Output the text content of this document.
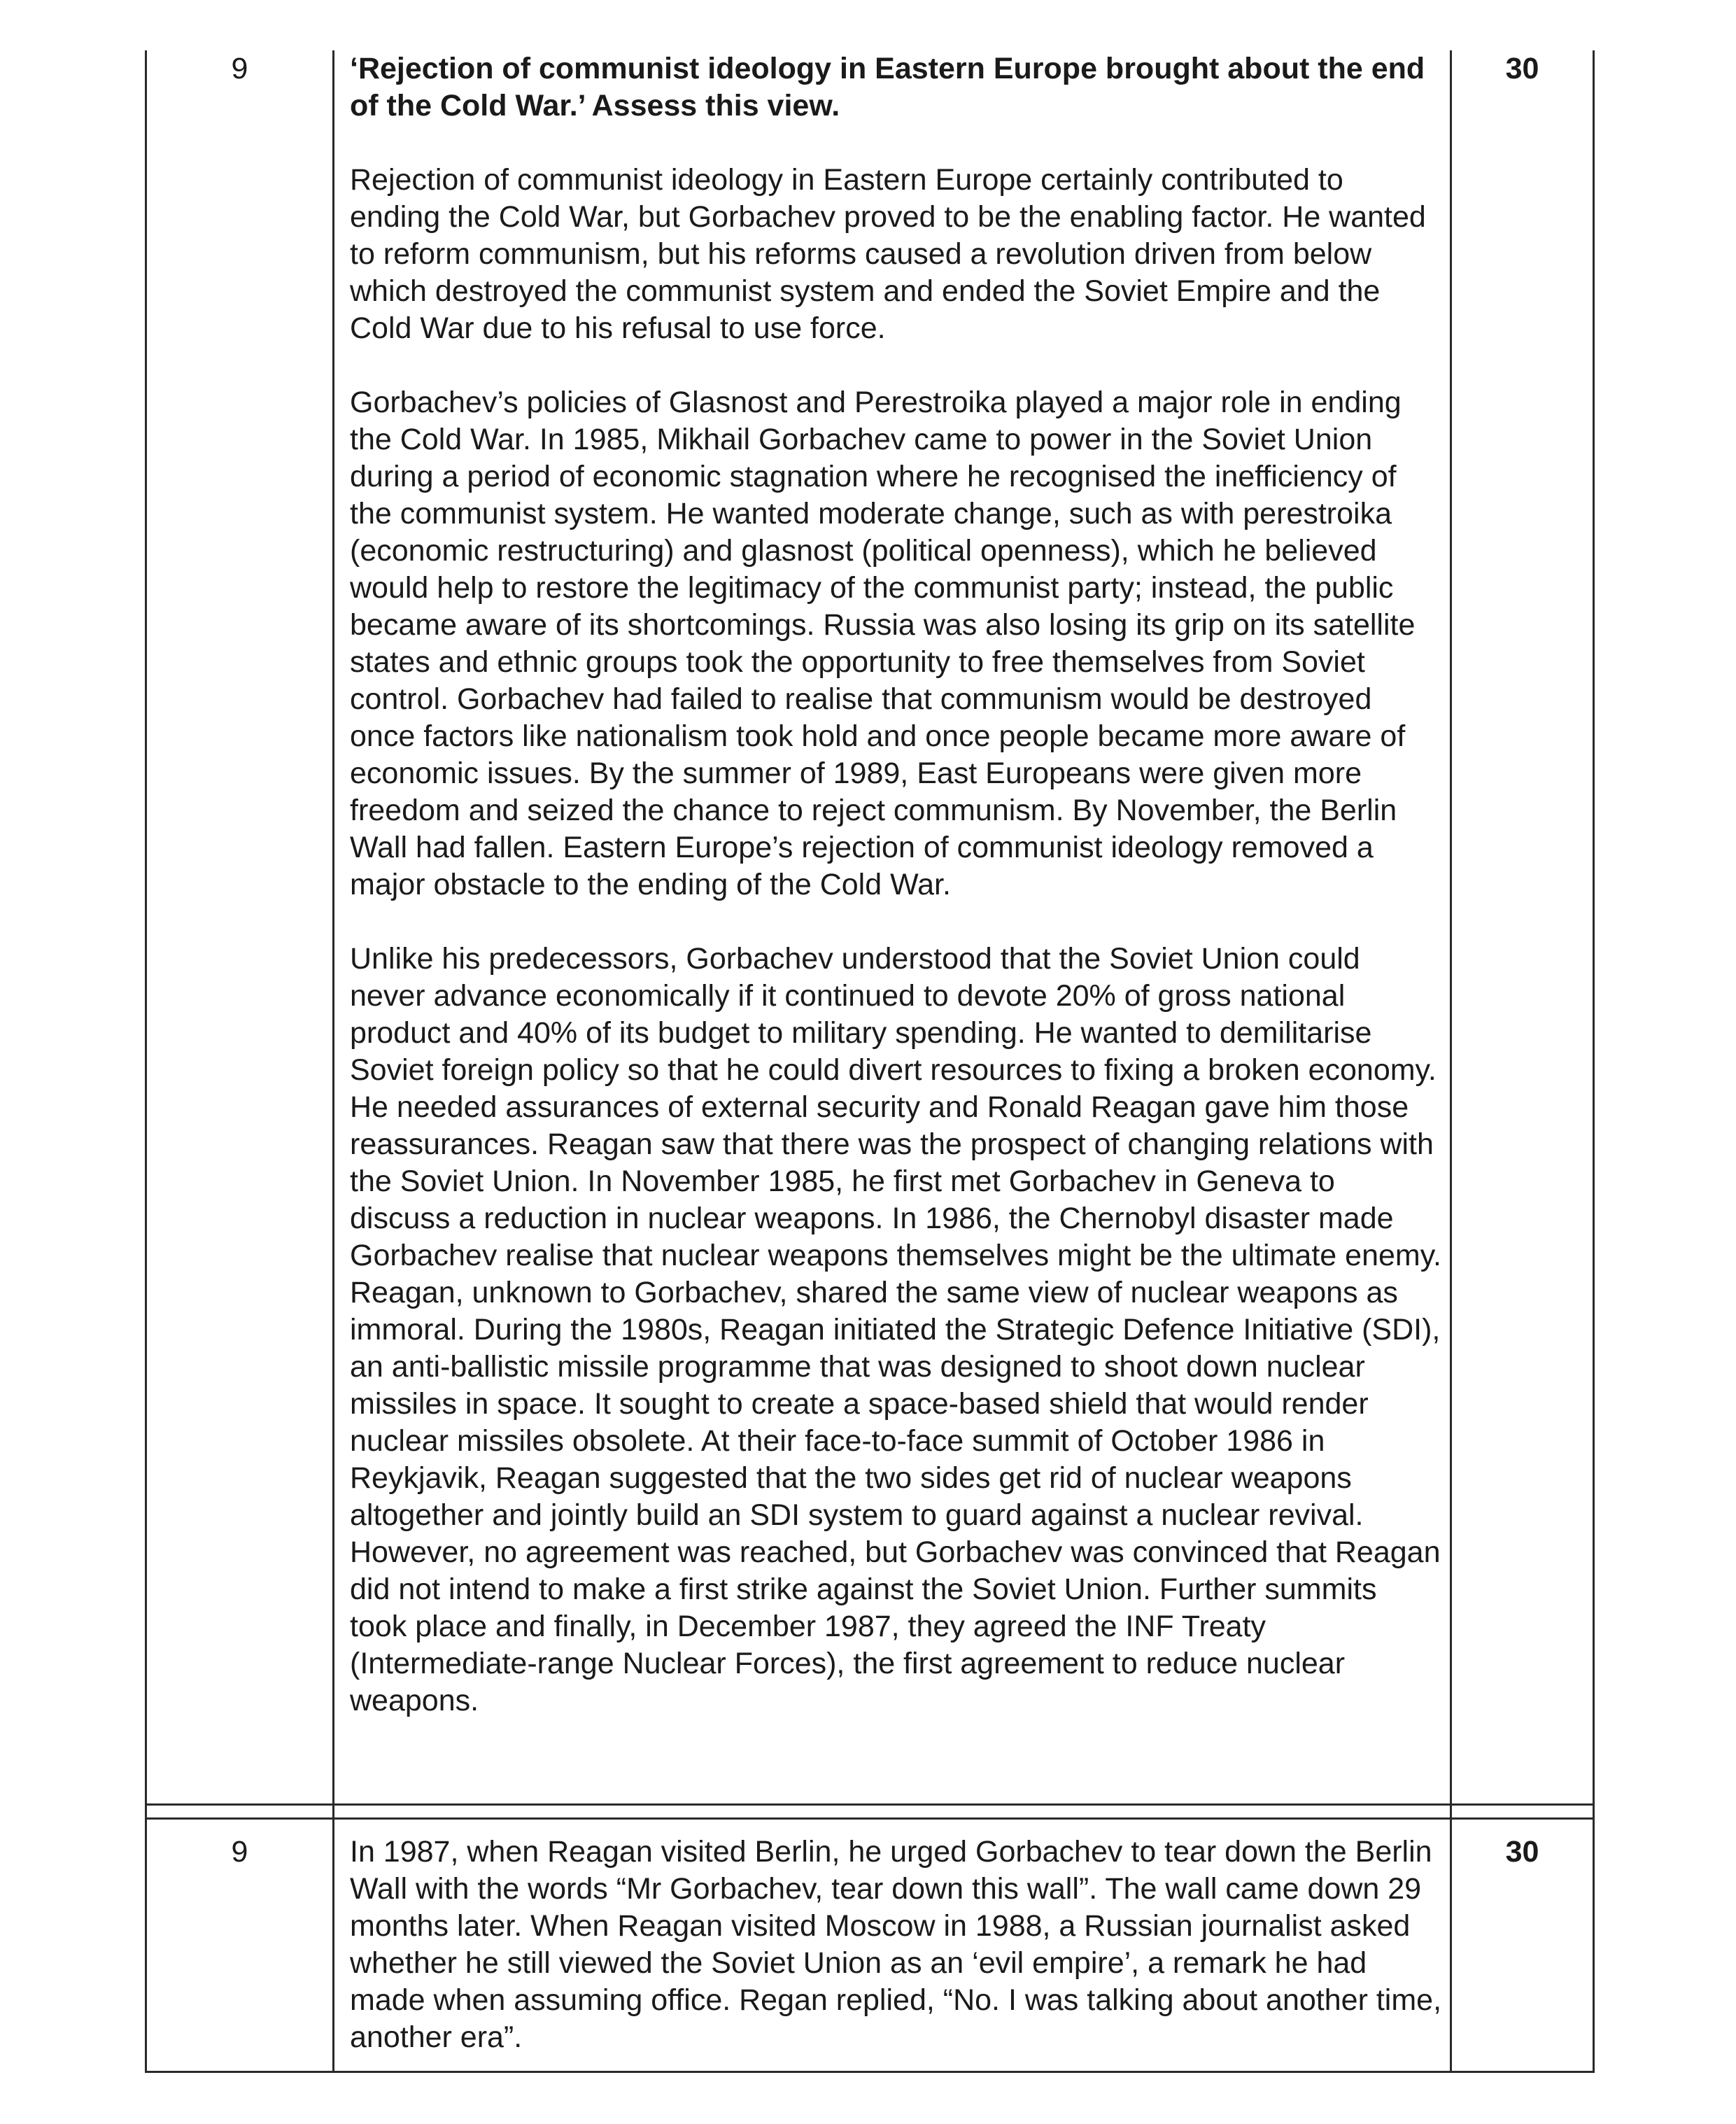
9	‘Rejection of communist ideology in Eastern Europe brought about the end of the Cold War.’ Assess this view.

Rejection of communist ideology in Eastern Europe certainly contributed to ending the Cold War, but Gorbachev proved to be the enabling factor. He wanted to reform communism, but his reforms caused a revolution driven from below which destroyed the communist system and ended the Soviet Empire and the Cold War due to his refusal to use force.

Gorbachev’s policies of Glasnost and Perestroika played a major role in ending the Cold War. In 1985, Mikhail Gorbachev came to power in the Soviet Union during a period of economic stagnation where he recognised the inefficiency of the communist system. He wanted moderate change, such as with perestroika (economic restructuring) and glasnost (political openness), which he believed would help to restore the legitimacy of the communist party; instead, the public became aware of its shortcomings. Russia was also losing its grip on its satellite states and ethnic groups took the opportunity to free themselves from Soviet control. Gorbachev had failed to realise that communism would be destroyed once factors like nationalism took hold and once people became more aware of economic issues. By the summer of 1989, East Europeans were given more freedom and seized the chance to reject communism. By November, the Berlin Wall had fallen. Eastern Europe’s rejection of communist ideology removed a major obstacle to the ending of the Cold War.

Unlike his predecessors, Gorbachev understood that the Soviet Union could never advance economically if it continued to devote 20% of gross national product and 40% of its budget to military spending. He wanted to demilitarise Soviet foreign policy so that he could divert resources to fixing a broken economy. He needed assurances of external security and Ronald Reagan gave him those reassurances. Reagan saw that there was the prospect of changing relations with the Soviet Union. In November 1985, he first met Gorbachev in Geneva to discuss a reduction in nuclear weapons. In 1986, the Chernobyl disaster made Gorbachev realise that nuclear weapons themselves might be the ultimate enemy. Reagan, unknown to Gorbachev, shared the same view of nuclear weapons as immoral. During the 1980s, Reagan initiated the Strategic Defence Initiative (SDI), an anti-ballistic missile programme that was designed to shoot down nuclear missiles in space. It sought to create a space-based shield that would render nuclear missiles obsolete. At their face-to-face summit of October 1986 in Reykjavik, Reagan suggested that the two sides get rid of nuclear weapons altogether and jointly build an SDI system to guard against a nuclear revival. However, no agreement was reached, but Gorbachev was convinced that Reagan did not intend to make a first strike against the Soviet Union. Further summits took place and finally, in December 1987, they agreed the INF Treaty (Intermediate-range Nuclear Forces), the first agreement to reduce nuclear weapons.

30
9	In 1987, when Reagan visited Berlin, he urged Gorbachev to tear down the Berlin Wall with the words “Mr Gorbachev, tear down this wall”. The wall came down 29 months later. When Reagan visited Moscow in 1988, a Russian journalist asked whether he still viewed the Soviet Union as an ‘evil empire’, a remark he had made when assuming office. Regan replied, “No. I was talking about another time, another era”.

30
